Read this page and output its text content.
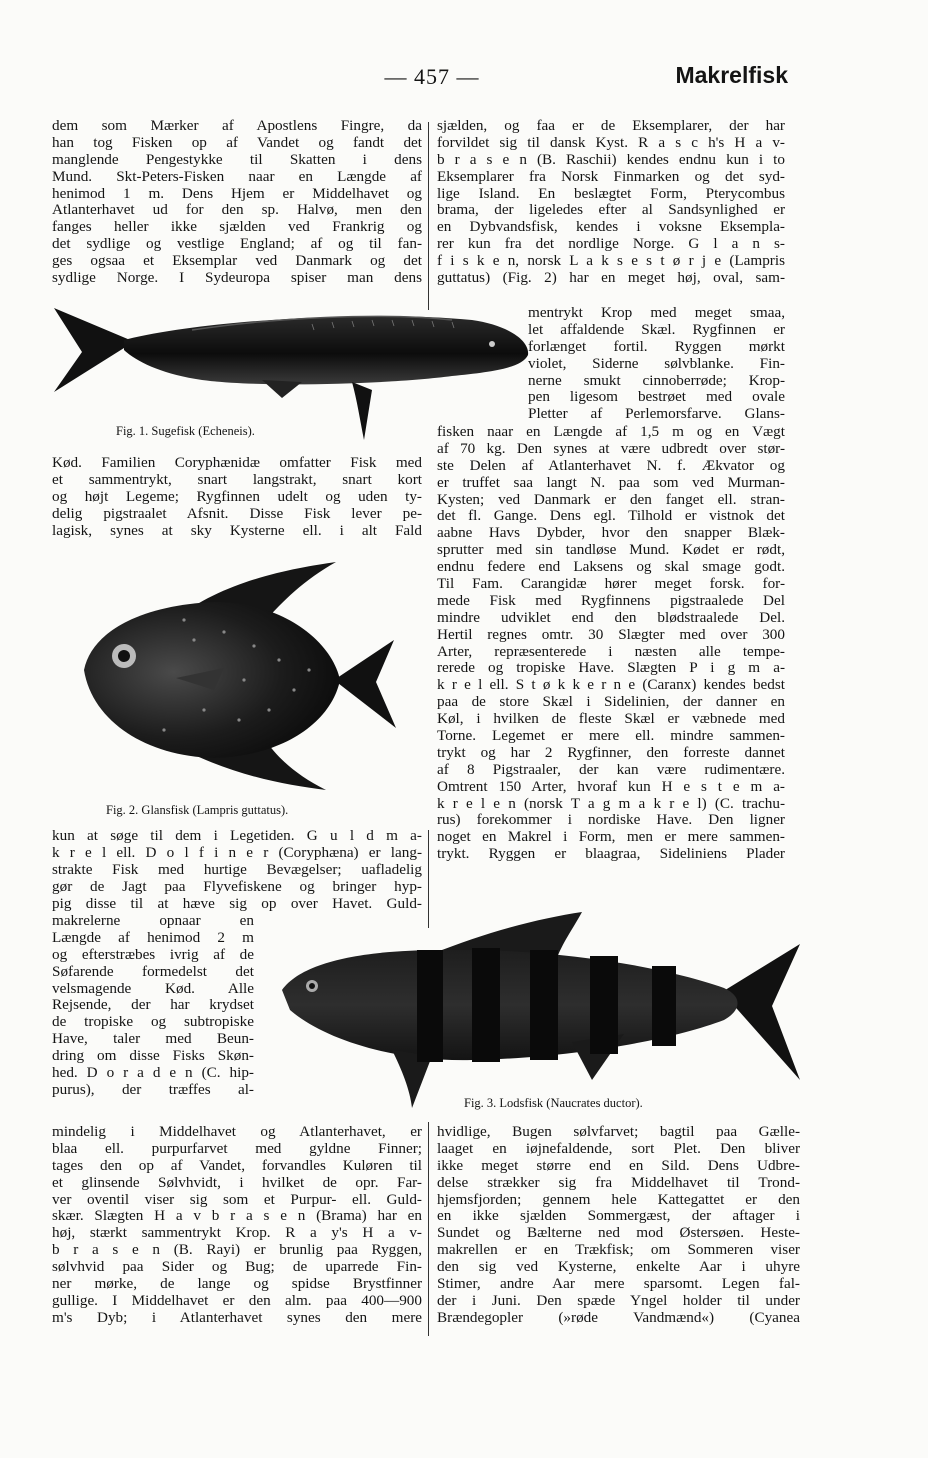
— 457 —	Makrelfisk
dem som Mærker af Apostlens Fingre, da
han tog Fisken op af Vandet og fandt det
manglende Pengestykke til Skatten i dens
Mund. Skt-Peters-Fisken naar en Længde af
henimod 1 m. Dens Hjem er Middelhavet og
Atlanterhavet ud for den sp. Halvø, men den
fanges heller ikke sjælden ved Frankrig og
det sydlige og vestlige England; af og til fan-
ges ogsaa et Eksemplar ved Danmark og det
sydlige Norge. I Sydeuropa spiser man dens
Kød. Familien Coryphænidæ omfatter Fisk med
et sammentrykt, snart langstrakt, snart kort
og højt Legeme; Rygfinnen udelt og uden ty-
delig pigstraalet Afsnit. Disse Fisk lever pe-
lagisk, synes at sky Kysterne ell. i alt Fald
kun at søge til dem i Legetiden. G u l d m a-
k r e l ell. D o l f i n e r (Coryphæna) er lang-
strakte Fisk med hurtige Bevægelser; uafladelig
gør de Jagt paa Flyvefiskene og bringer hyp-
pig disse til at hæve sig op over Havet. Guld-
makrelerne opnaar en
Længde af henimod 2 m
og efterstræbes ivrig af de
Søfarende formedelst det
velsmagende Kød. Alle
Rejsende, der har krydset
de tropiske og subtropiske
Have, taler med Beun-
dring om disse Fisks Skøn-
hed. D o r a d e n (C. hip-
purus), der træffes al-
mindelig i Middelhavet og Atlanterhavet, er
blaa ell. purpurfarvet med gyldne Finner;
tages den op af Vandet, forvandles Kuløren til
et glinsende Sølvhvidt, i hvilket de opr. Far-
ver oventil viser sig som et Purpur- ell. Guld-
skær. Slægten H a v b r a s e n (Brama) har en
høj, stærkt sammentrykt Krop. R a y's H a v-
b r a s e n (B. Rayi) er brunlig paa Ryggen,
sølvhvid paa Sider og Bug; de uparrede Fin-
ner mørke, de lange og spidse Brystfinner
gullige. I Middelhavet er den alm. paa 400—900
m's Dyb; i Atlanterhavet synes den mere
sjælden, og faa er de Eksemplarer, der har
forvildet sig til dansk Kyst. R a s c h's H a v-
b r a s e n (B. Raschii) kendes endnu kun i to
Eksemplarer fra Norsk Finmarken og det syd-
lige Island. En beslægtet Form, Pterycombus
brama, der ligeledes efter al Sandsynlighed er
en Dybvandsfisk, kendes i voksne Eksempla-
rer kun fra det nordlige Norge. G l a n s-
f i s k e n, norsk L a k s e s t ø r j e (Lampris
guttatus) (Fig. 2) har en meget høj, oval, sam-
mentrykt Krop med meget smaa,
let affaldende Skæl. Rygfinnen er
forlænget fortil. Ryggen mørkt
violet, Siderne sølvblanke. Fin-
nerne smukt cinnoberrøde; Krop-
pen ligesom bestrøet med ovale
Pletter af Perlemorsfarve. Glans-
fisken naar en Længde af 1,5 m og en Vægt
af 70 kg. Den synes at være udbredt over stør-
ste Delen af Atlanterhavet N. f. Ækvator og
er truffet saa langt N. paa som ved Murman-
Kysten; ved Danmark er den fanget ell. stran-
det fl. Gange. Dens egl. Tilhold er vistnok det
aabne Havs Dybder, hvor den snapper Blæk-
sprutter med sin tandløse Mund. Kødet er rødt,
endnu federe end Laksens og skal smage godt.
Til Fam. Carangidæ hører meget forsk. for-
mede Fisk med Rygfinnens pigstraalede Del
mindre udviklet end den blødstraalede Del.
Hertil regnes omtr. 30 Slægter med over 300
Arter, repræsenterede i næsten alle tempe-
rerede og tropiske Have. Slægten P i g m a-
k r e l ell. S t ø k k e r n e (Caranx) kendes bedst
paa de store Skæl i Sidelinien, der danner en
Køl, i hvilken de fleste Skæl er væbnede med
Torne. Legemet er mere ell. mindre sammen-
trykt og har 2 Rygfinner, den forreste dannet
af 8 Pigstraaler, der kan være rudimentære.
Omtrent 150 Arter, hvoraf kun H e s t e m a-
k r e l e n (norsk T a g m a k r e l) (C. trachu-
rus) forekommer i nordiske Have. Den ligner
noget en Makrel i Form, men er mere sammen-
trykt. Ryggen er blaagraa, Sideliniens Plader
hvidlige, Bugen sølvfarvet; bagtil paa Gælle-
laaget en iøjnefaldende, sort Plet. Den bliver
ikke meget større end en Sild. Dens Udbre-
delse strækker sig fra Middelhavet til Trond-
hjemsfjorden; gennem hele Kattegattet er den
en ikke sjælden Sommergæst, der aftager i
Sundet og Bælterne ned mod Østersøen. Heste-
makrellen er en Trækfisk; om Sommeren viser
den sig ved Kysterne, enkelte Aar i uhyre
Stimer, andre Aar mere sparsomt. Legen fal-
der i Juni. Den spæde Yngel holder til under
Brændegopler (»røde Vandmænd«) (Cyanea
Fig. 1. Sugefisk (Echeneis).
Fig. 2. Glansfisk (Lampris guttatus).
Fig. 3. Lodsfisk (Naucrates ductor).
